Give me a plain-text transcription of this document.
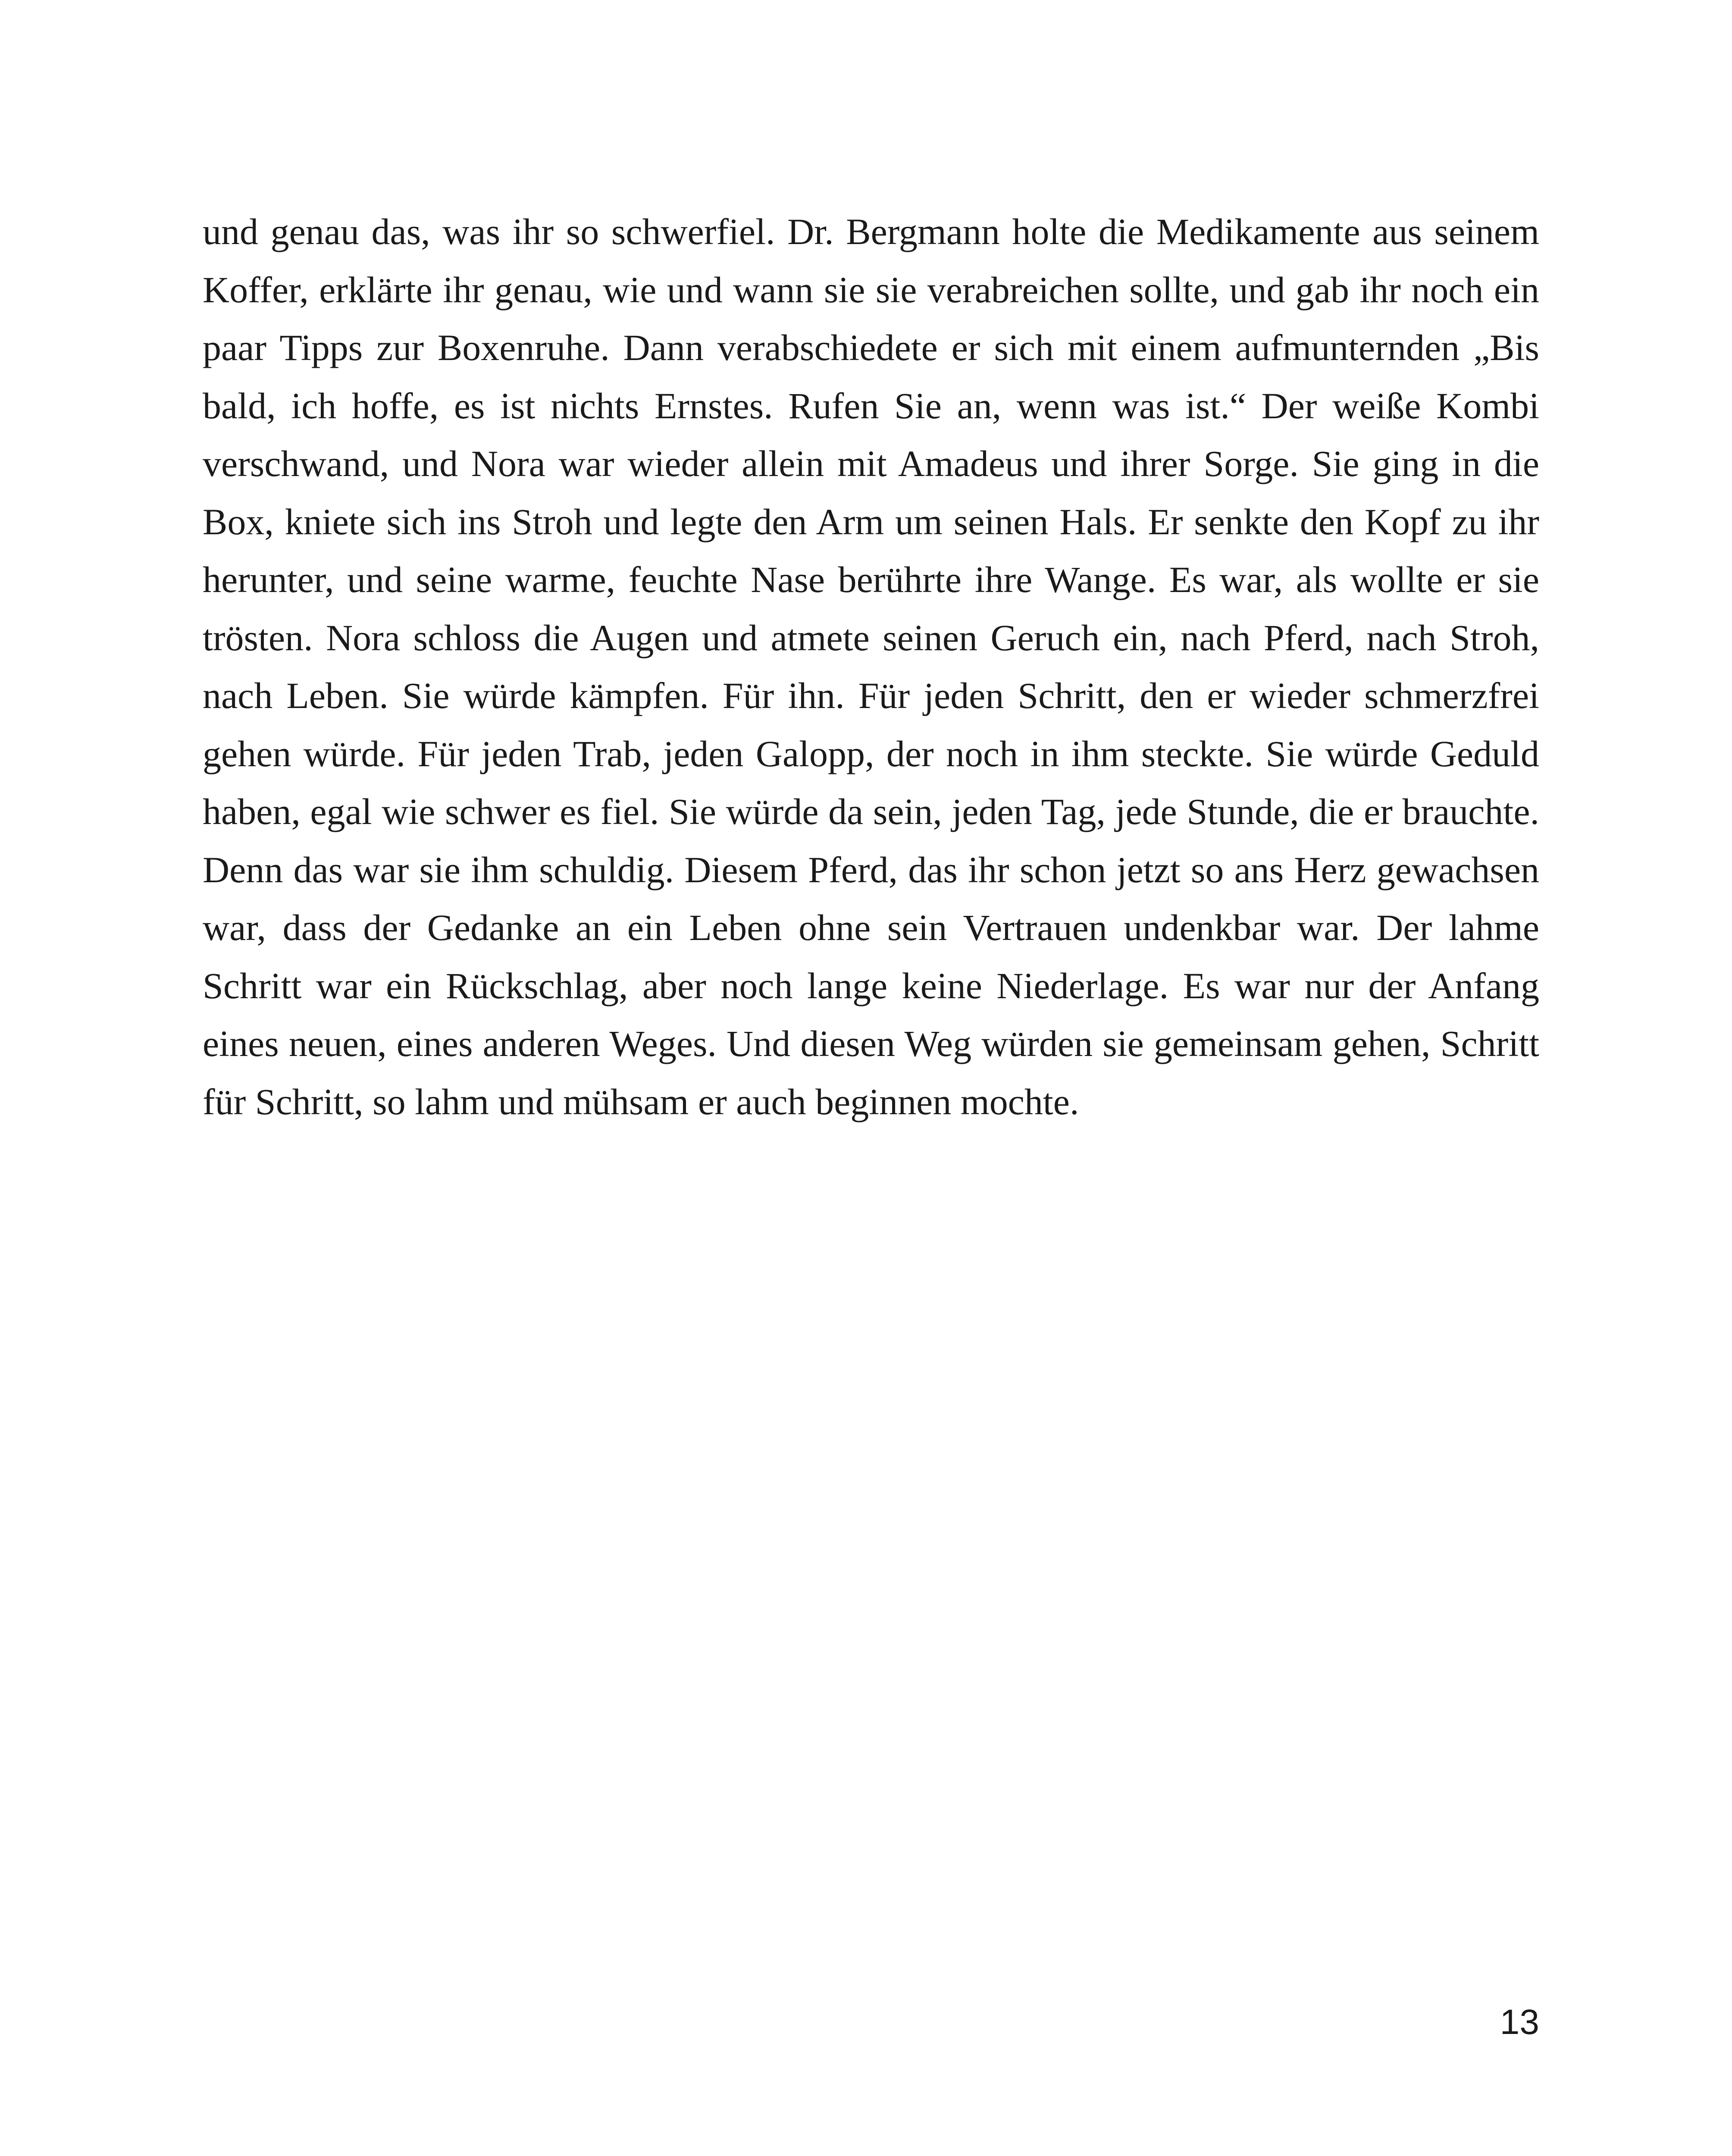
und genau das, was ihr so schwerfiel. Dr. Bergmann holte die Medikamente aus seinem Koffer, erklärte ihr genau, wie und wann sie sie verabreichen sollte, und gab ihr noch ein paar Tipps zur Boxenruhe. Dann verabschiedete er sich mit einem aufmunternden „Bis bald, ich hoffe, es ist nichts Ernstes. Rufen Sie an, wenn was ist.“ Der weiße Kombi verschwand, und Nora war wieder allein mit Amadeus und ihrer Sorge. Sie ging in die Box, kniete sich ins Stroh und legte den Arm um seinen Hals. Er senkte den Kopf zu ihr herunter, und seine warme, feuchte Nase berührte ihre Wange. Es war, als wollte er sie trösten. Nora schloss die Augen und atmete seinen Geruch ein, nach Pferd, nach Stroh, nach Leben. Sie würde kämpfen. Für ihn. Für jeden Schritt, den er wieder schmerzfrei gehen würde. Für jeden Trab, jeden Galopp, der noch in ihm steckte. Sie würde Geduld haben, egal wie schwer es fiel. Sie würde da sein, jeden Tag, jede Stunde, die er brauchte. Denn das war sie ihm schuldig. Diesem Pferd, das ihr schon jetzt so ans Herz gewachsen war, dass der Gedanke an ein Leben ohne sein Vertrauen undenkbar war. Der lahme Schritt war ein Rückschlag, aber noch lange keine Niederlage. Es war nur der Anfang eines neuen, eines anderen Weges. Und diesen Weg würden sie gemeinsam gehen, Schritt für Schritt, so lahm und mühsam er auch beginnen mochte.

13
